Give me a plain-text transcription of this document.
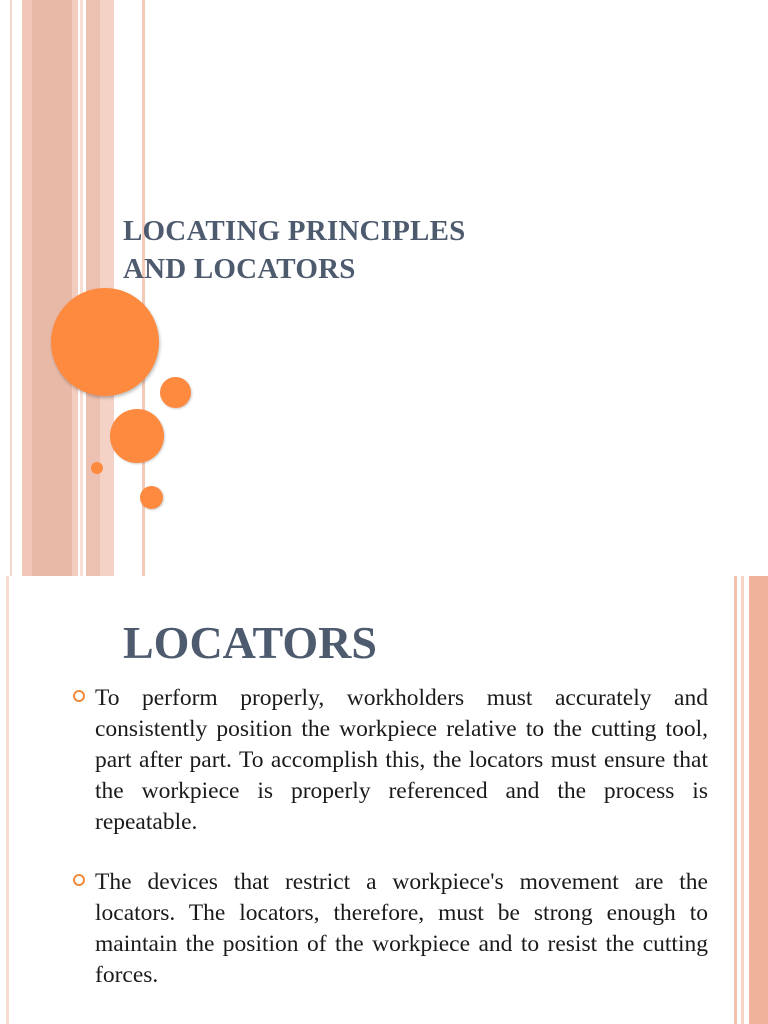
LOCATING PRINCIPLES
AND LOCATORS
LOCATORS

To perform properly, workholders must accurately and consistently position the workpiece relative to the cutting tool, part after part. To accomplish this, the locators must ensure that the workpiece is properly referenced and the process is repeatable.

The devices that restrict a workpiece's movement are the locators. The locators, therefore, must be strong enough to maintain the position of the workpiece and to resist the cutting forces.
